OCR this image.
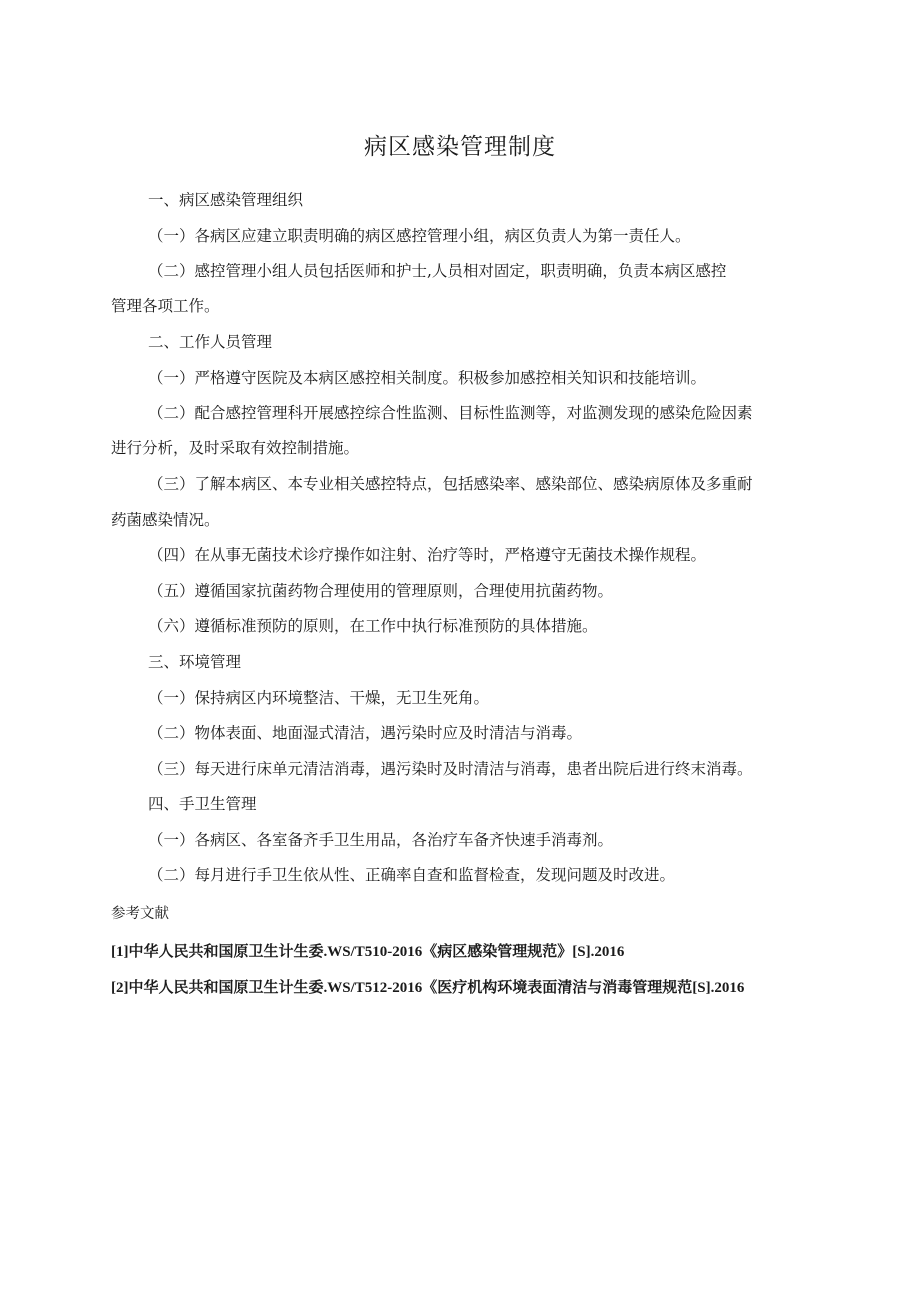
病区感染管理制度
一、病区感染管理组织
（一）各病区应建立职责明确的病区感控管理小组，病区负责人为第一责任人。
（二）感控管理小组人员包括医师和护士,人员相对固定，职责明确，负责本病区感控
管理各项工作。
二、工作人员管理
（一）严格遵守医院及本病区感控相关制度。积极参加感控相关知识和技能培训。
（二）配合感控管理科开展感控综合性监测、目标性监测等，对监测发现的感染危险因素
进行分析，及时采取有效控制措施。
（三）了解本病区、本专业相关感控特点，包括感染率、感染部位、感染病原体及多重耐
药菌感染情况。
（四）在从事无菌技术诊疗操作如注射、治疗等时，严格遵守无菌技术操作规程。
（五）遵循国家抗菌药物合理使用的管理原则，合理使用抗菌药物。
（六）遵循标准预防的原则，在工作中执行标准预防的具体措施。
三、环境管理
（一）保持病区内环境整洁、干燥，无卫生死角。
（二）物体表面、地面湿式清洁，遇污染时应及时清洁与消毒。
（三）每天进行床单元清洁消毒，遇污染时及时清洁与消毒，患者出院后进行终末消毒。
四、手卫生管理
（一）各病区、各室备齐手卫生用品，各治疗车备齐快速手消毒剂。
（二）每月进行手卫生依从性、正确率自查和监督检查，发现问题及时改进。
参考文献
[1]中华人民共和国原卫生计生委.WS/T510-2016《病区感染管理规范》[S].2016
[2]中华人民共和国原卫生计生委.WS/T512-2016《医疗机构环境表面清洁与消毒管理规范[S].2016
